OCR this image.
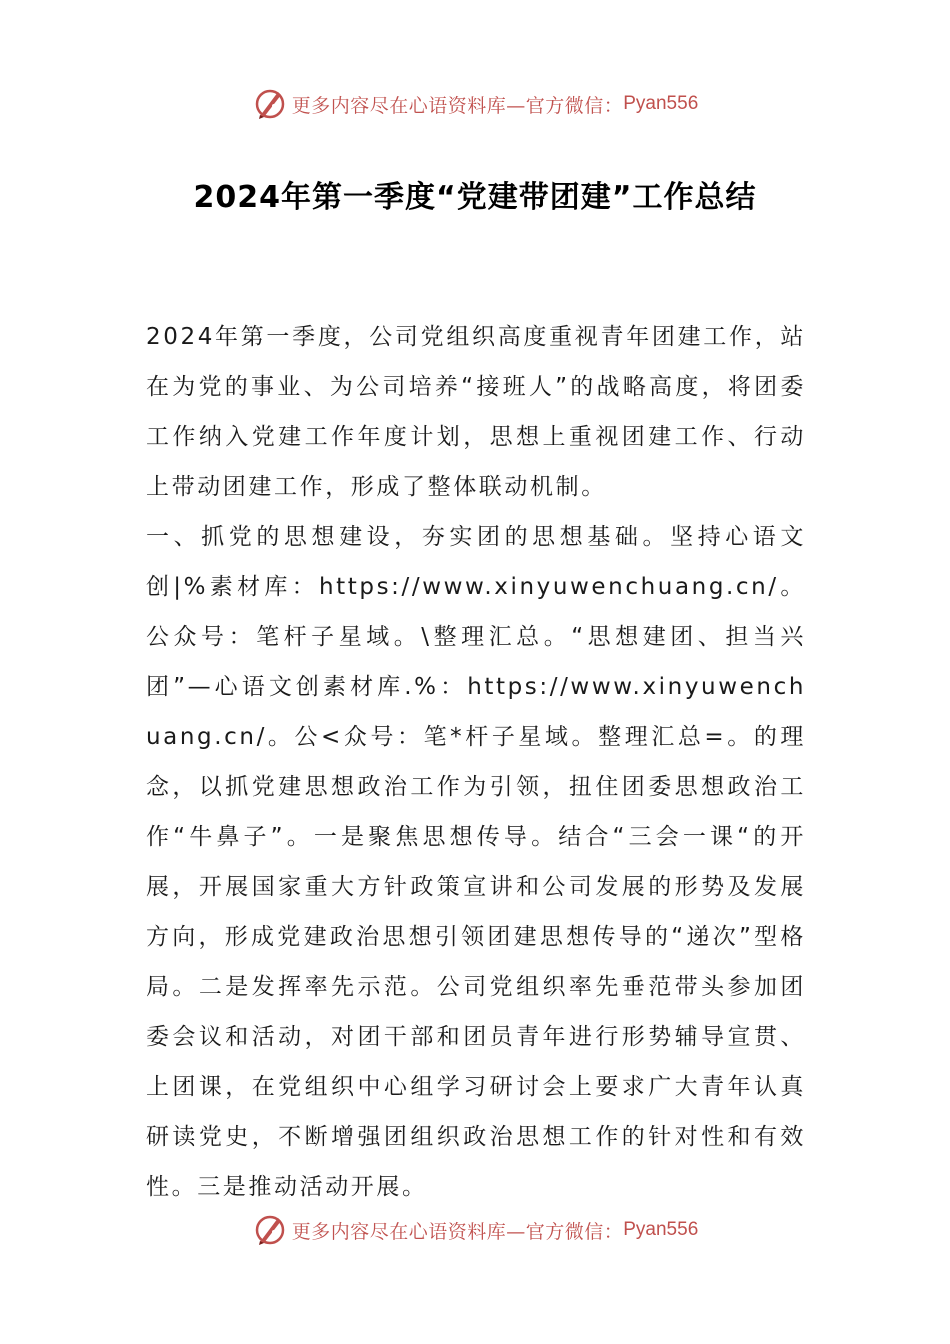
更多内容尽在心语资料库—官方微信： Pyan556
2024年第一季度“党建带团建”工作总结

2024年第一季度，公司党组织高度重视青年团建工作，站在为党的事业、为公司培养“接班人”的战略高度，将团委工作纳入党建工作年度计划，思想上重视团建工作、行动上带动团建工作，形成了整体联动机制。

一、抓党的思想建设，夯实团的思想基础。坚持心语文创|%素材库：https://www.xinyuwenchuang.cn/。公众号：笔杆子星域。\整理汇总。“思想建团、担当兴团”—心语文创素材库.%：https://www.xinyuwenchuang.cn/。公<众号：笔*杆子星域。整理汇总=。的理念，以抓党建思想政治工作为引领，扭住团委思想政治工作“牛鼻子”。一是聚焦思想传导。结合“三会一课“的开展，开展国家重大方针政策宣讲和公司发展的形势及发展方向，形成党建政治思想引领团建思想传导的“递次”型格局。二是发挥率先示范。公司党组织率先垂范带头参加团委会议和活动，对团干部和团员青年进行形势辅导宣贯、上团课，在党组织中心组学习研讨会上要求广大青年认真研读党史，不断增强团组织政治思想工作的针对性和有效性。三是推动活动开展。

更多内容尽在心语资料库—官方微信： Pyan556
